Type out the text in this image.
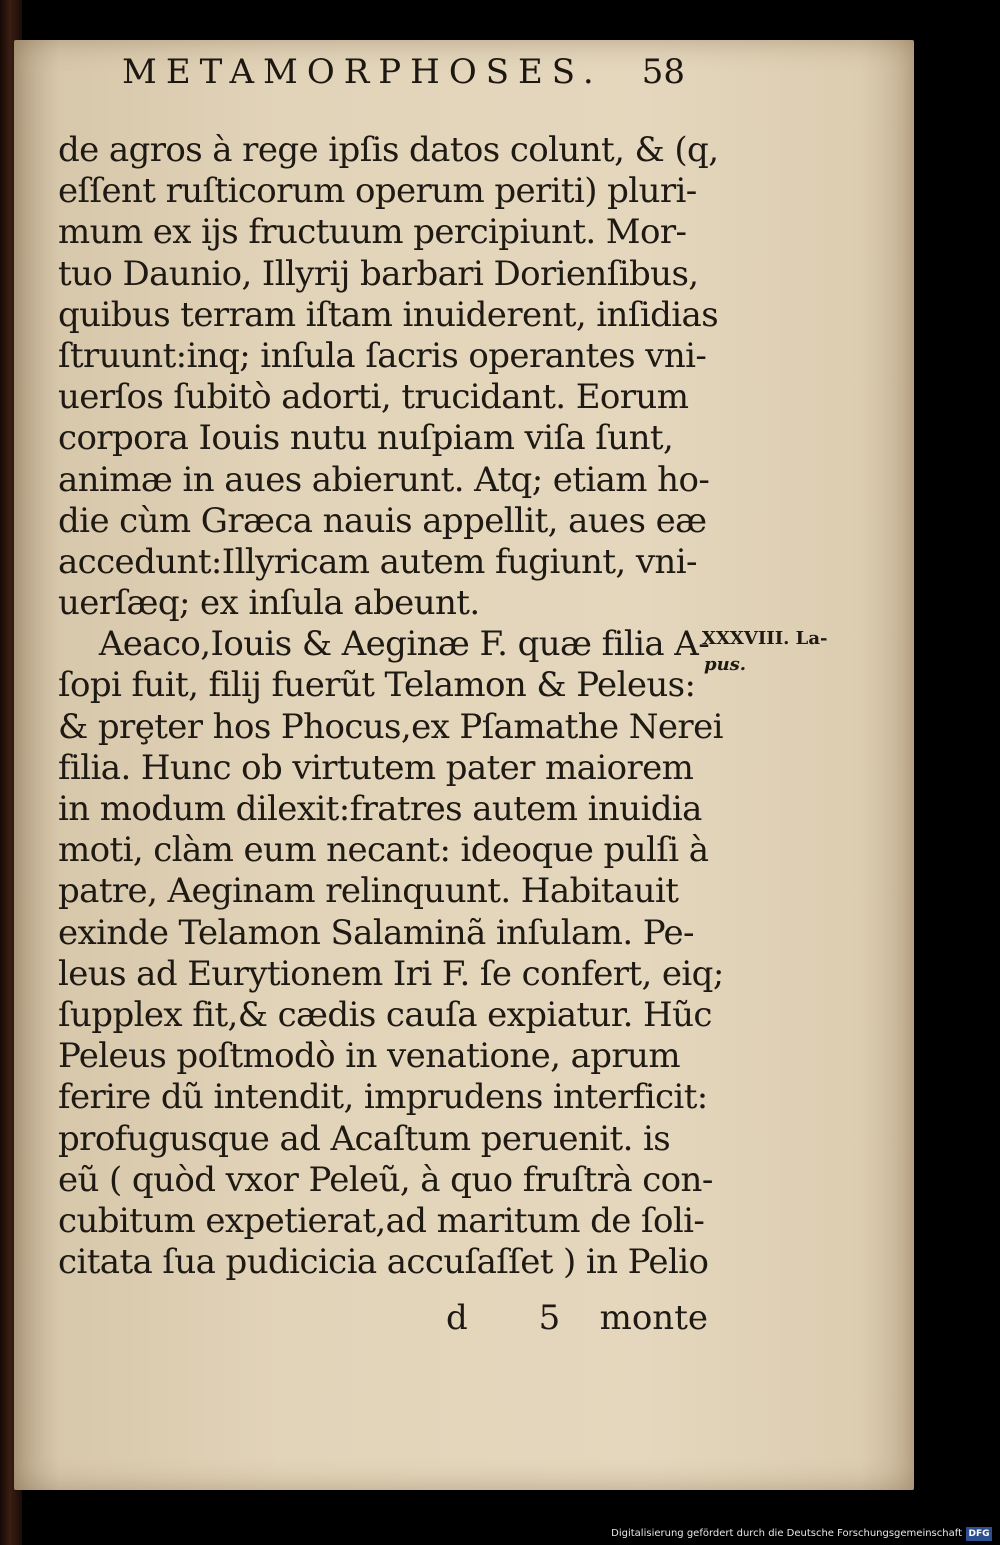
METAMORPHOSES. 58
de agros à rege ipſis datos colunt, & (q,
eſſent ruſticorum operum periti) pluri-
mum ex ijs fructuum percipiunt. Mor-
tuo Daunio, Illyrij barbari Dorienſibus,
quibus terram iſtam inuiderent, inſidias
ſtruunt:inq; inſula ſacris operantes vni-
uerſos ſubitò adorti, trucidant. Eorum
corpora Iouis nutu nuſpiam viſa ſunt,
animæ in aues abierunt. Atq; etiam ho-
die cùm Græca nauis appellit, aues eæ
accedunt:Illyricam autem fugiunt, vni-
uerſæq; ex inſula abeunt.
Aeaco,Iouis & Aeginæ F. quæ filia A-
ſopi fuit, filij fuerũt Telamon & Peleus:
& prȩter hos Phocus,ex Pſamathe Nerei
filia. Hunc ob virtutem pater maiorem
in modum dilexit:fratres autem inuidia
moti, clàm eum necant: ideoque pulſi à
patre, Aeginam relinquunt. Habitauit
exinde Telamon Salaminã inſulam. Pe-
leus ad Eurytionem Iri F. ſe confert, eiq;
ſupplex fit,& cædis cauſa expiatur. Hũc
Peleus poſtmodò in venatione, aprum
ferire dũ intendit, imprudens interficit:
profugusque ad Acaſtum peruenit. is
eũ ( quòd vxor Peleũ, à quo fruſtrà con-
cubitum expetierat,ad maritum de ſoli-
citata ſua pudicicia accuſaſſet ) in Pelio
XXXVIII. La-
pus.
d 5 monte
Digitalisierung gefördert durch die Deutsche Forschungsgemeinschaft DFG
